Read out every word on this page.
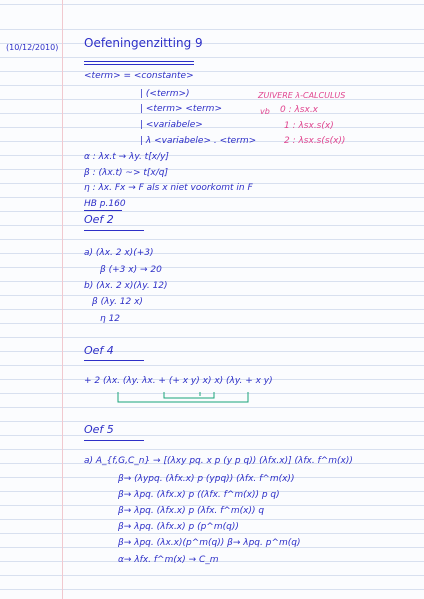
(10/12/2010) Oefeningenzitting 9
<term> = <constante>
| (<term>)
| <term> <term>
| <variabele>
| λ <variabele> . <term>
ZUIVERE λ-CALCULUS
vb 0 : λsx.x
1 : λsx.s(x)
2 : λsx.s(s(x))
α : λx.t → λy. t[x/y]
β : (λx.t) ~> t[x/q]
η : λx. Fx → F als x niet voorkomt in F
HB p.160
Oef 2
a) (λx. 2 x)(+3)
β (+3 x) → 20
b) (λx. 2 x)(λy. 12)
β (λy. 12 x)
η 12
Oef 4
+ 2 (λx. (λy. λx. + (+ x y) x) x) (λy. + x y)
Oef 5
a) A_{f,G,C_n} → [(λxy pq. x p (y p q)) (λfx.x)] (λfx. f^m(x))
β→ (λypq. (λfx.x) p (ypq)) (λfx. f^m(x))
β→ λpq. (λfx.x) p ((λfx. f^m(x)) p q)
β→ λpq. (λfx.x) p (λfx. f^m(x)) q
β→ λpq. (λfx.x) p (p^m(q))
β→ λpq. (λx.x)(p^m(q)) β→ λpq. p^m(q)
α→ λfx. f^m(x) → C_m
